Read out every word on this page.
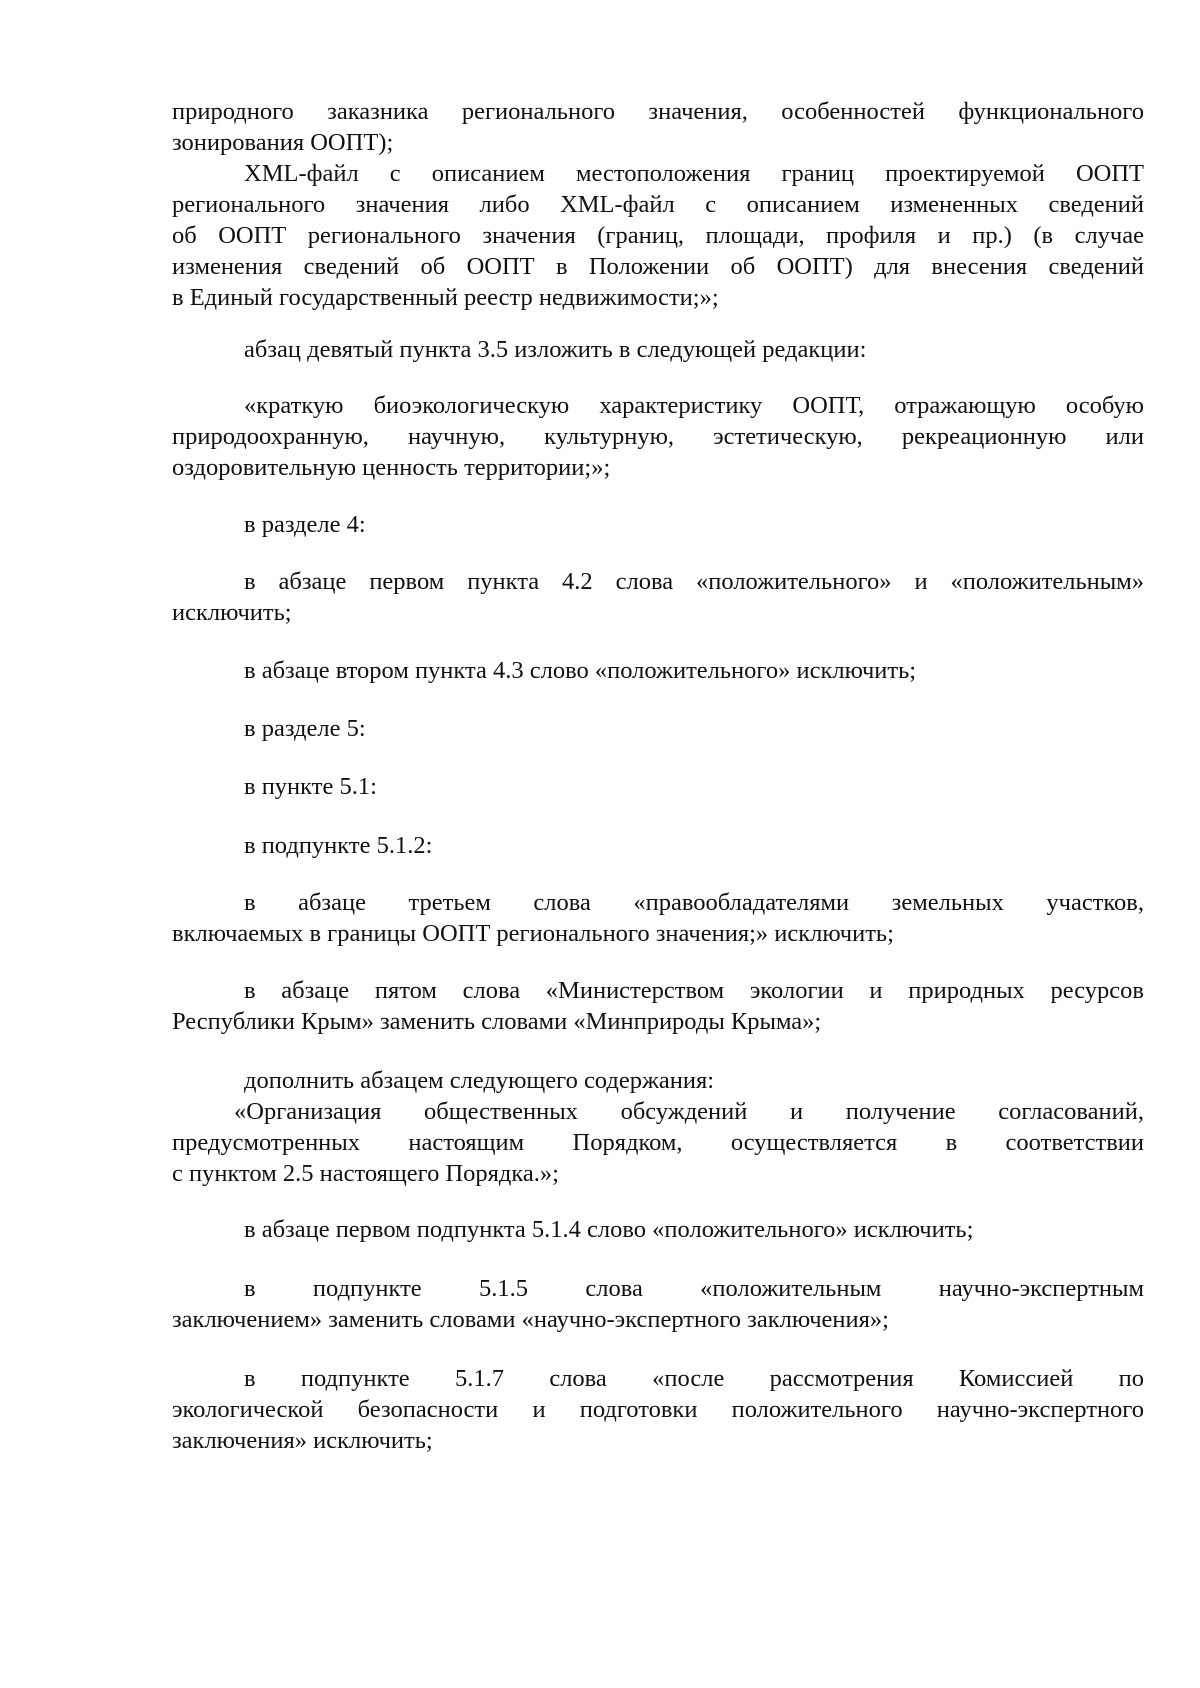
природного заказника регионального значения, особенностей функционального
зонирования ООПТ);
XML-файл с описанием местоположения границ проектируемой ООПТ
регионального значения либо XML-файл с описанием измененных сведений
об ООПТ регионального значения (границ, площади, профиля и пр.) (в случае
изменения сведений об ООПТ в Положении об ООПТ) для внесения сведений
в Единый государственный реестр недвижимости;»;
абзац девятый пункта 3.5 изложить в следующей редакции:
«краткую биоэкологическую характеристику ООПТ, отражающую особую
природоохранную, научную, культурную, эстетическую, рекреационную или
оздоровительную ценность территории;»;
в разделе 4:
в абзаце первом пункта 4.2 слова «положительного» и «положительным»
исключить;
в абзаце втором пункта 4.3 слово «положительного» исключить;
в разделе 5:
в пункте 5.1:
в подпункте 5.1.2:
в абзаце третьем слова «правообладателями земельных участков,
включаемых в границы ООПТ регионального значения;» исключить;
в абзаце пятом слова «Министерством экологии и природных ресурсов
Республики Крым» заменить словами «Минприроды Крыма»;
дополнить абзацем следующего содержания:
«Организация общественных обсуждений и получение согласований,
предусмотренных настоящим Порядком, осуществляется в соответствии
с пунктом 2.5 настоящего Порядка.»;
в абзаце первом подпункта 5.1.4 слово «положительного» исключить;
в подпункте 5.1.5 слова «положительным научно-экспертным
заключением» заменить словами «научно-экспертного заключения»;
в подпункте 5.1.7 слова «после рассмотрения Комиссией по
экологической безопасности и подготовки положительного научно-экспертного
заключения» исключить;
